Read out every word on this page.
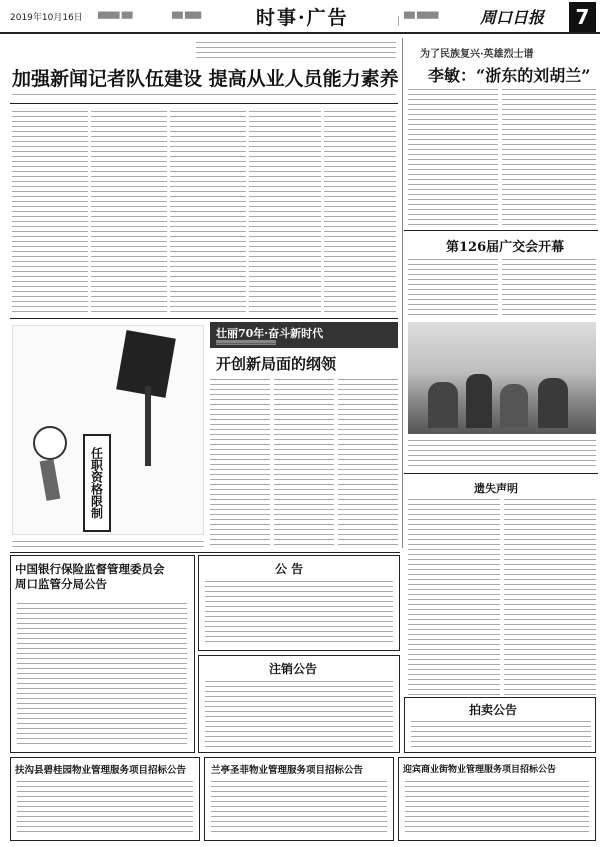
2019年10月16日 ▇▇▇▇ ▇▇	▇▇ ▇▇▇	时事·广告	▇▇ ▇▇▇▇	周口日报	7
加强新闻记者队伍建设 提高从业人员能力素养
为了民族复兴·英雄烈士谱
李敏：“浙东的刘胡兰”
第126届广交会开幕
壮丽70年·奋斗新时代
开创新局面的纲领
任职资格限制	遗失声明
中国银行保险监督管理委员会
周口监管分局公告
公 告
注销公告
拍卖公告
扶沟县碧桂园物业管理服务项目招标公告	兰亭圣菲物业管理服务项目招标公告	迎宾商业街物业管理服务项目招标公告
